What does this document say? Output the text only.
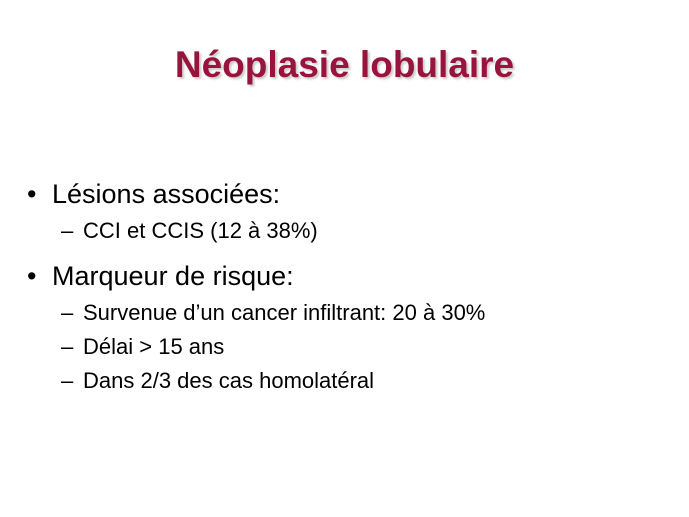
Néoplasie lobulaire
• Lésions associées:
– CCI et CCIS (12 à 38%)
• Marqueur de risque:
– Survenue d’un cancer infiltrant: 20 à 30%
– Délai > 15 ans
– Dans 2/3 des cas homolatéral
